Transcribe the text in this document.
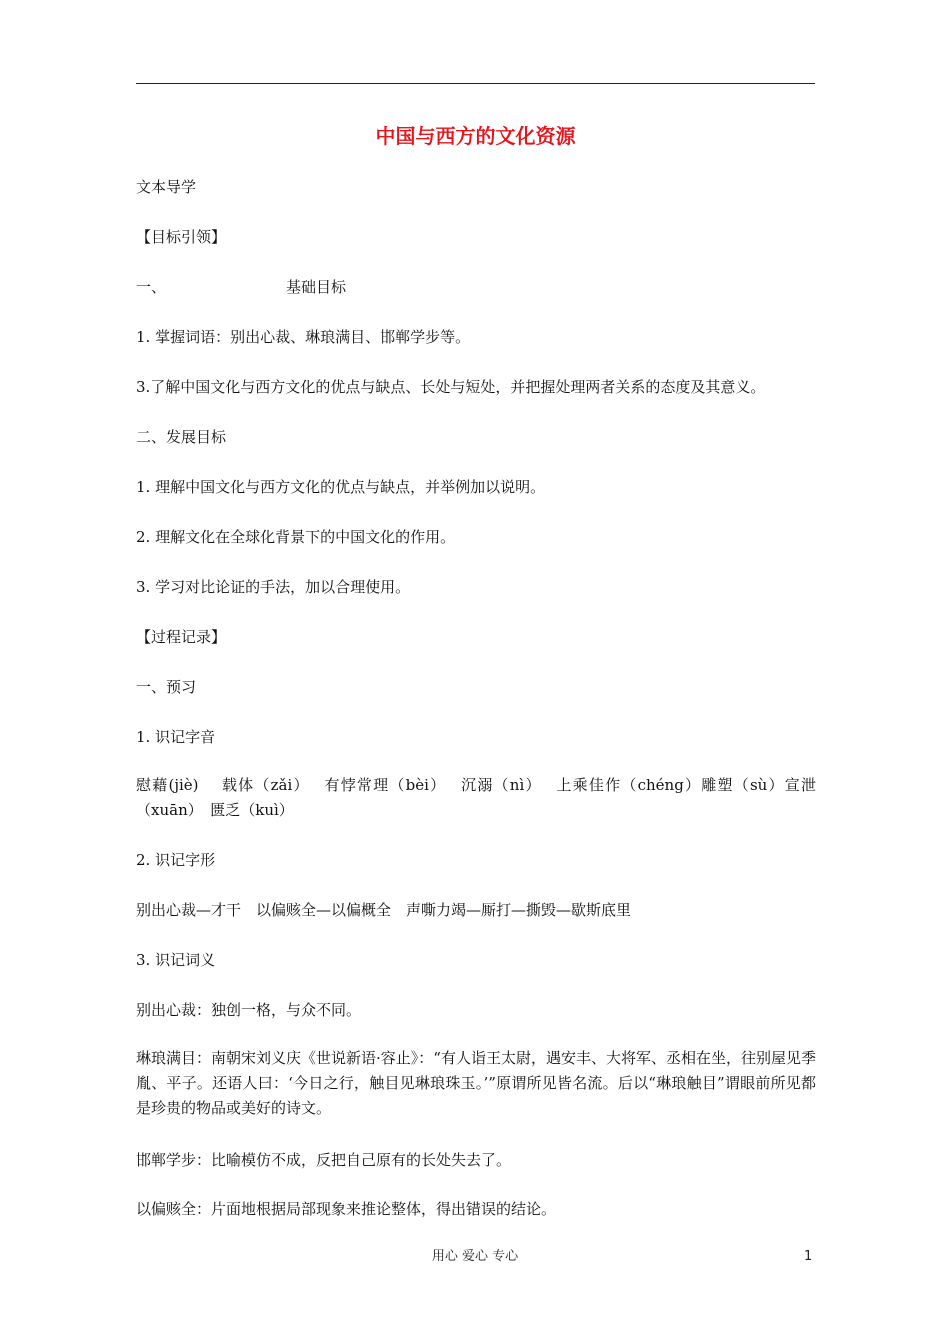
中国与西方的文化资源

文本导学

【目标引领】

一、	基础目标

1. 掌握词语：别出心裁、琳琅满目、邯郸学步等。

3.了解中国文化与西方文化的优点与缺点、长处与短处，并把握处理两者关系的态度及其意义。

二、发展目标

1. 理解中国文化与西方文化的优点与缺点，并举例加以说明。

2. 理解文化在全球化背景下的中国文化的作用。

3. 学习对比论证的手法，加以合理使用。

【过程记录】

一、预习

1. 识记字音

慰藉(jiè)　 载体（zǎi）　 有悖常理（bèi）　 沉溺（nì）　 上乘佳作（chéng）雕塑（sù）宣泄（xuān）　匮乏（kuì）

2. 识记字形

别出心裁—才干　以偏赅全—以偏概全　声嘶力竭—厮打—撕毁—歇斯底里

3. 识记词义

别出心裁：独创一格，与众不同。

琳琅满目：南朝宋刘义庆《世说新语·容止》：“有人诣王太尉，遇安丰、大将军、丞相在坐，往别屋见季胤、平子。还语人曰：‘今日之行，触目见琳琅珠玉。’”原谓所见皆名流。后以“琳琅触目”谓眼前所见都是珍贵的物品或美好的诗文。

邯郸学步：比喻模仿不成，反把自己原有的长处失去了。

以偏赅全：片面地根据局部现象来推论整体，得出错误的结论。

用心 爱心 专心	1
